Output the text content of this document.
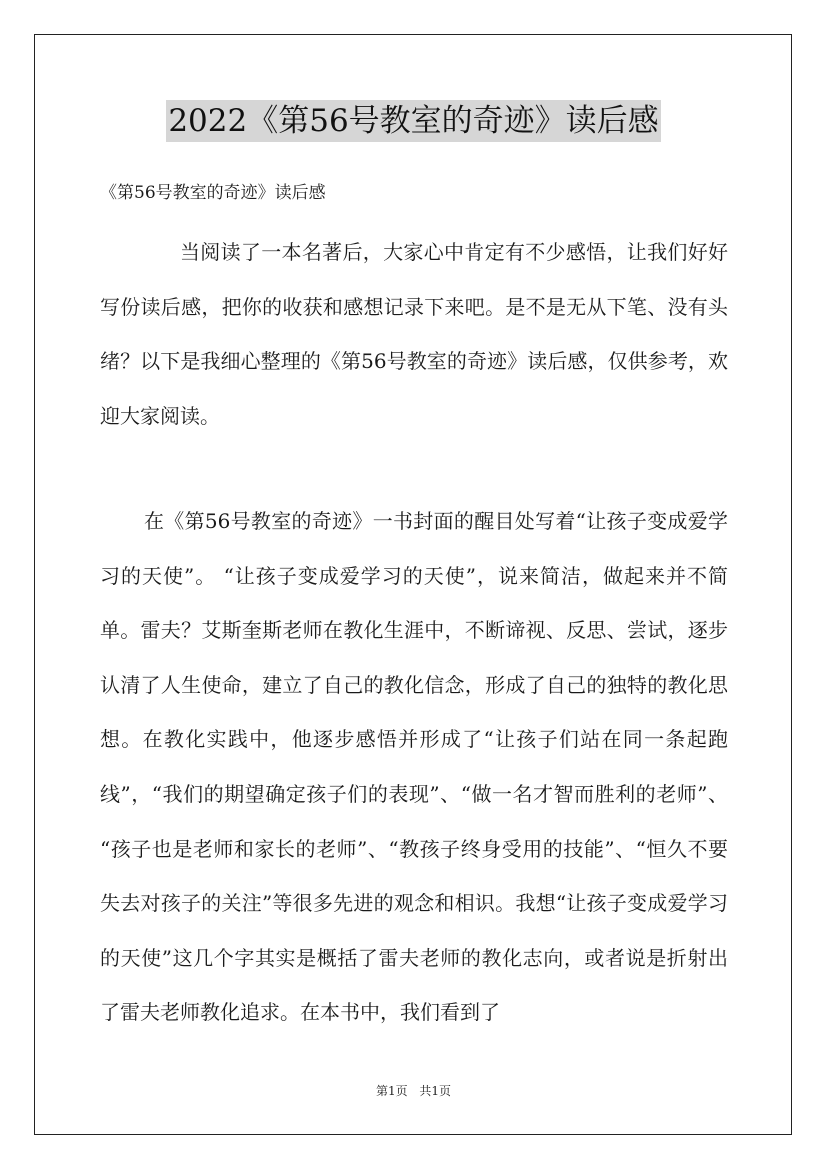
2022《第56号教室的奇迹》读后感
《第56号教室的奇迹》读后感
当阅读了一本名著后，大家心中肯定有不少感悟，让我们好好写份读后感，把你的收获和感想记录下来吧。是不是无从下笔、没有头绪？以下是我细心整理的《第56号教室的奇迹》读后感，仅供参考，欢迎大家阅读。
在《第56号教室的奇迹》一书封面的醒目处写着“让孩子变成爱学习的天使”。 “让孩子变成爱学习的天使”，说来简洁，做起来并不简单。雷夫？艾斯奎斯老师在教化生涯中，不断谛视、反思、尝试，逐步认清了人生使命，建立了自己的教化信念，形成了自己的独特的教化思想。在教化实践中，他逐步感悟并形成了“让孩子们站在同一条起跑线”，“我们的期望确定孩子们的表现”、“做一名才智而胜利的老师”、 “孩子也是老师和家长的老师”、“教孩子终身受用的技能”、“恒久不要失去对孩子的关注”等很多先进的观念和相识。我想“让孩子变成爱学习的天使”这几个字其实是概括了雷夫老师的教化志向，或者说是折射出了雷夫老师教化追求。在本书中，我们看到了
第1页 共1页
